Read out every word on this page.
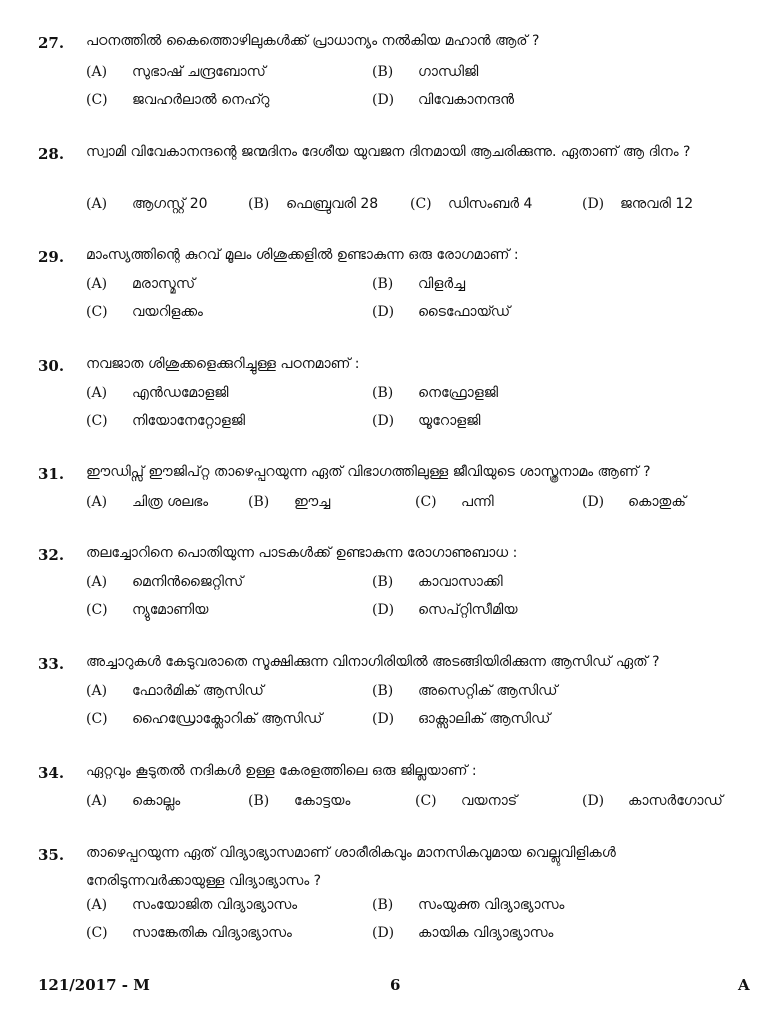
27. പഠനത്തിൽ കൈത്തൊഴിലുകൾക്ക് പ്രാധാന്യം നൽകിയ മഹാൻ ആര് ?
(A) സുഭാഷ് ചന്ദ്രബോസ്	(B) ഗാന്ധിജി
(C) ജവഹർലാൽ നെഹ്റു	(D) വിവേകാനന്ദൻ
28. സ്വാമി വിവേകാനന്ദന്റെ ജന്മദിനം ദേശീയ യുവജന ദിനമായി ആചരിക്കുന്നു. ഏതാണ് ആ ദിനം ?
(A) ആഗസ്റ്റ് 20	(B) ഫെബ്രുവരി 28 (C) ഡിസംബർ 4	(D) ജനുവരി 12
29. മാംസ്യത്തിന്റെ കുറവ് മൂലം ശിശുക്കളിൽ ഉണ്ടാകുന്ന ഒരു രോഗമാണ് :
(A) മരാസ്മസ്	(B) വിളർച്ച
(C) വയറിളക്കം	(D) ടൈഫോയ്ഡ്
30. നവജാത ശിശുക്കളെക്കുറിച്ചുള്ള പഠനമാണ് :
(A) എൻഡമോളജി	(B) നെഫ്രോളജി
(C) നിയോനേറ്റോളജി	(D) യൂറോളജി
31. ഈഡിപ്സ് ഈജിപ്റ്റ താഴെപ്പറയുന്ന ഏത് വിഭാഗത്തിലുള്ള ജീവിയുടെ ശാസ്ത്രനാമം ആണ് ?
(A) ചിത്ര ശലഭം	(B) ഈച്ച	(C) പന്നി	(D) കൊതുക്
32. തലച്ചോറിനെ പൊതിയുന്ന പാടകൾക്ക് ഉണ്ടാകുന്ന രോഗാണുബാധ :
(A) മെനിൻജൈറ്റിസ്	(B) കാവാസാക്കി
(C) ന്യുമോണിയ	(D) സെപ്റ്റിസീമിയ
33. അച്ചാറുകൾ കേടുവരാതെ സൂക്ഷിക്കുന്ന വിനാഗിരിയിൽ അടങ്ങിയിരിക്കുന്ന ആസിഡ് ഏത് ?
(A) ഫോർമിക് ആസിഡ്	(B) അസെറ്റിക് ആസിഡ്
(C) ഹൈഡ്രോക്ലോറിക് ആസിഡ്	(D) ഓക്സാലിക് ആസിഡ്
34. ഏറ്റവും കൂടുതൽ നദികൾ ഉള്ള കേരളത്തിലെ ഒരു ജില്ലയാണ് :
(A) കൊല്ലം	(B) കോട്ടയം	(C) വയനാട്	(D) കാസർഗോഡ്
35. താഴെപ്പറയുന്ന ഏത് വിദ്യാഭ്യാസമാണ് ശാരീരികവും മാനസികവുമായ വെല്ലുവിളികൾ നേരിടുന്നവർക്കായുള്ള വിദ്യാഭ്യാസം ?
(A) സംയോജിത വിദ്യാഭ്യാസം	(B) സംയുക്ത വിദ്യാഭ്യാസം
(C) സാങ്കേതിക വിദ്യാഭ്യാസം	(D) കായിക വിദ്യാഭ്യാസം
121/2017 - M	6	A
